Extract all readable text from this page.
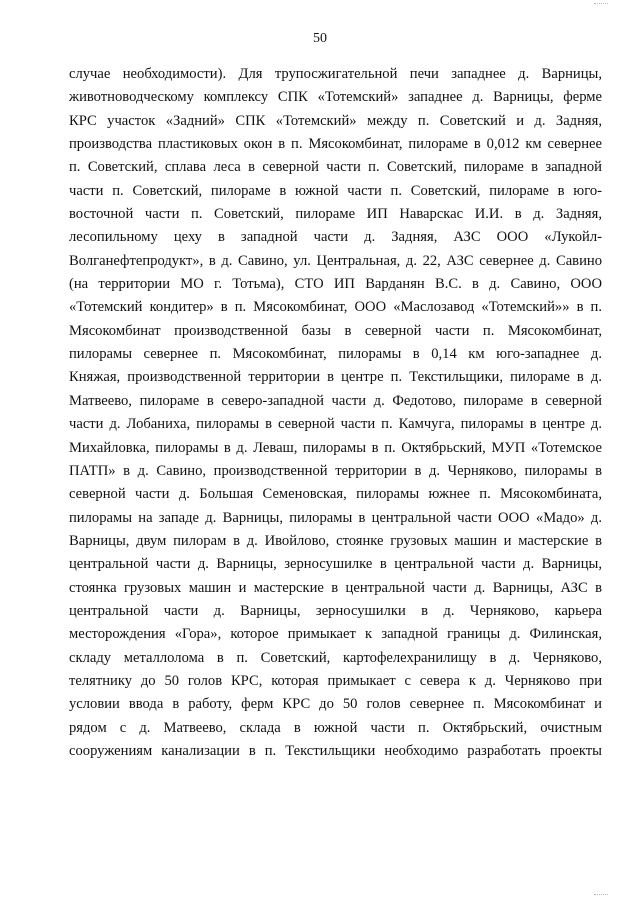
50
случае необходимости). Для трупосжигательной печи западнее д. Варницы,
животноводческому комплексу СПК «Тотемский» западнее д. Варницы, ферме
КРС участок «Задний» СПК «Тотемский» между п. Советский и д. Задняя,
производства пластиковых окон в п. Мясокомбинат, пилораме в 0,012 км севернее
п. Советский, сплава леса в северной части п. Советский, пилораме в западной
части п. Советский, пилораме в южной части п. Советский, пилораме в юго-
восточной части п. Советский, пилораме ИП Наварскас И.И. в д. Задняя,
лесопильному цеху в западной части д. Задняя, АЗС ООО «Лукойл-
Волганефтепродукт», в д. Савино, ул. Центральная, д. 22, АЗС севернее д. Савино
(на территории МО г. Тотьма), СТО ИП Варданян В.С. в д. Савино, ООО
«Тотемский кондитер» в п. Мясокомбинат, ООО «Маслозавод «Тотемский»» в п.
Мясокомбинат производственной базы в северной части п. Мясокомбинат,
пилорамы севернее п. Мясокомбинат, пилорамы в 0,14 км юго-западнее д.
Княжая, производственной территории в центре п. Текстильщики, пилораме в д.
Матвеево, пилораме в северо-западной части д. Федотово, пилораме в северной
части д. Лобаниха, пилорамы в северной части п. Камчуга, пилорамы в центре д.
Михайловка, пилорамы в д. Леваш, пилорамы в п. Октябрьский, МУП «Тотемское
ПАТП» в д. Савино, производственной территории в д. Черняково, пилорамы в
северной части д. Большая Семеновская, пилорамы южнее п. Мясокомбината,
пилорамы на западе д. Варницы, пилорамы в центральной части ООО «Мадо» д.
Варницы, двум пилорам в д. Ивойлово, стоянке грузовых машин и мастерские в
центральной части д. Варницы, зерносушилке в центральной части д. Варницы,
стоянка грузовых машин и мастерские в центральной части д. Варницы, АЗС в
центральной части д. Варницы, зерносушилки в д. Черняково, карьера
месторождения «Гора», которое примыкает к западной границы д. Филинская,
складу металлолома в п. Советский, картофелехранилищу в д. Черняково,
телятнику до 50 голов КРС, которая примыкает с севера к д. Черняково при
условии ввода в работу, ферм КРС до 50 голов севернее п. Мясокомбинат и
рядом с д. Матвеево, склада в южной части п. Октябрьский, очистным
сооружениям канализации в п. Текстильщики необходимо разработать проекты
